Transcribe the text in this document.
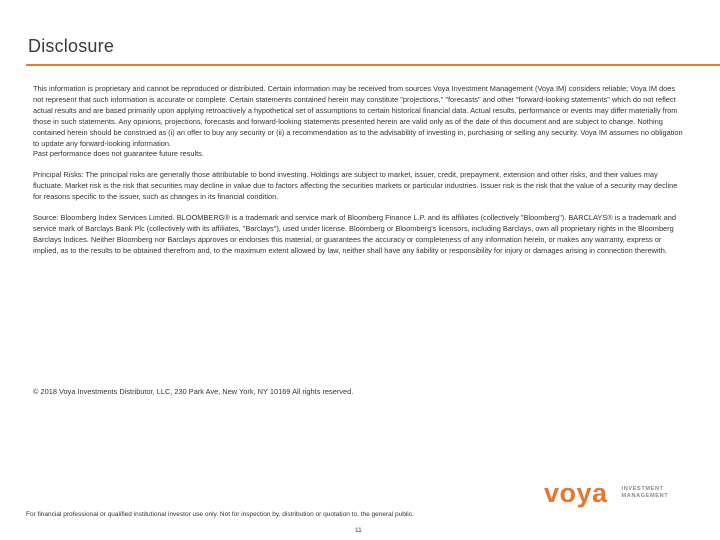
Disclosure
This information is proprietary and cannot be reproduced or distributed. Certain information may be received from sources Voya Investment Management (Voya IM) considers reliable; Voya IM does
not represent that such information is accurate or complete. Certain statements contained herein may constitute "projections," "forecasts" and other "forward-looking statements" which do not reflect
actual results and are based primarily upon applying retroactively a hypothetical set of assumptions to certain historical financial data. Actual results, performance or events may differ materially from
those in such statements. Any opinions, projections, forecasts and forward-looking statements presented herein are valid only as of the date of this document and are subject to change. Nothing
contained herein should be construed as (i) an offer to buy any security or (ii) a recommendation as to the advisability of investing in, purchasing or selling any security. Voya IM assumes no obligation
to update any forward-looking information.
Past performance does not guarantee future results.
Principal Risks: The principal risks are generally those attributable to bond investing. Holdings are subject to market, issuer, credit, prepayment, extension and other risks, and their values may
fluctuate. Market risk is the risk that securities may decline in value due to factors affecting the securities markets or particular industries. Issuer risk is the risk that the value of a security may decline
for reasons specific to the issuer, such as changes in its financial condition.
Source: Bloomberg Index Services Limited. BLOOMBERG® is a trademark and service mark of Bloomberg Finance L.P. and its affiliates (collectively "Bloomberg"). BARCLAYS® is a trademark and
service mark of Barclays Bank Plc (collectively with its affiliates, "Barclays"), used under license. Bloomberg or Bloomberg's licensors, including Barclays, own all proprietary rights in the Bloomberg
Barclays Indices. Neither Bloomberg nor Barclays approves or endorses this material, or guarantees the accuracy or completeness of any information herein, or makes any warranty, express or
implied, as to the results to be obtained therefrom and, to the maximum extent allowed by law, neither shall have any liability or responsibility for injury or damages arising in connection therewith.
© 2018 Voya Investments Distributor, LLC, 230 Park Ave, New York, NY 10169 All rights reserved.
voya	INVESTMENT
MANAGEMENT
For financial professional or qualified institutional investor use only. Not for inspection by, distribution or quotation to, the general public.
11
